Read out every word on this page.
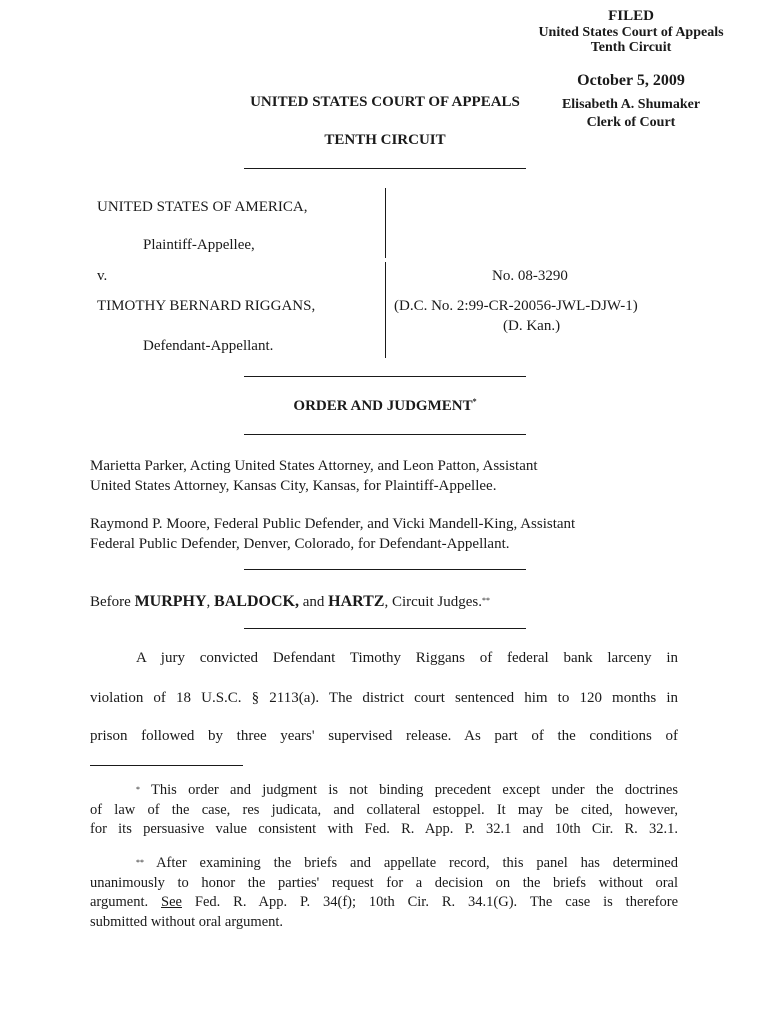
FILED
United States Court of Appeals
Tenth Circuit
October 5, 2009
Elisabeth A. Shumaker
Clerk of Court
UNITED STATES COURT OF APPEALS
TENTH CIRCUIT
UNITED STATES OF AMERICA,
Plaintiff-Appellee,
v.
TIMOTHY BERNARD RIGGANS,
Defendant-Appellant.
No. 08-3290
(D.C. No. 2:99-CR-20056-JWL-DJW-1)
(D. Kan.)
ORDER AND JUDGMENT*
Marietta Parker, Acting United States Attorney, and Leon Patton, Assistant
United States Attorney, Kansas City, Kansas, for Plaintiff-Appellee.
Raymond P. Moore, Federal Public Defender, and Vicki Mandell-King, Assistant
Federal Public Defender, Denver, Colorado, for Defendant-Appellant.
Before MURPHY, BALDOCK, and HARTZ, Circuit Judges.**
A jury convicted Defendant Timothy Riggans of federal bank larceny in
violation of 18 U.S.C. § 2113(a). The district court sentenced him to 120 months in
prison followed by three years' supervised release. As part of the conditions of
* This order and judgment is not binding precedent except under the doctrines
of law of the case, res judicata, and collateral estoppel. It may be cited, however,
for its persuasive value consistent with Fed. R. App. P. 32.1 and 10th Cir. R. 32.1.
** After examining the briefs and appellate record, this panel has determined
unanimously to honor the parties' request for a decision on the briefs without oral
argument. See Fed. R. App. P. 34(f); 10th Cir. R. 34.1(G). The case is therefore
submitted without oral argument.
